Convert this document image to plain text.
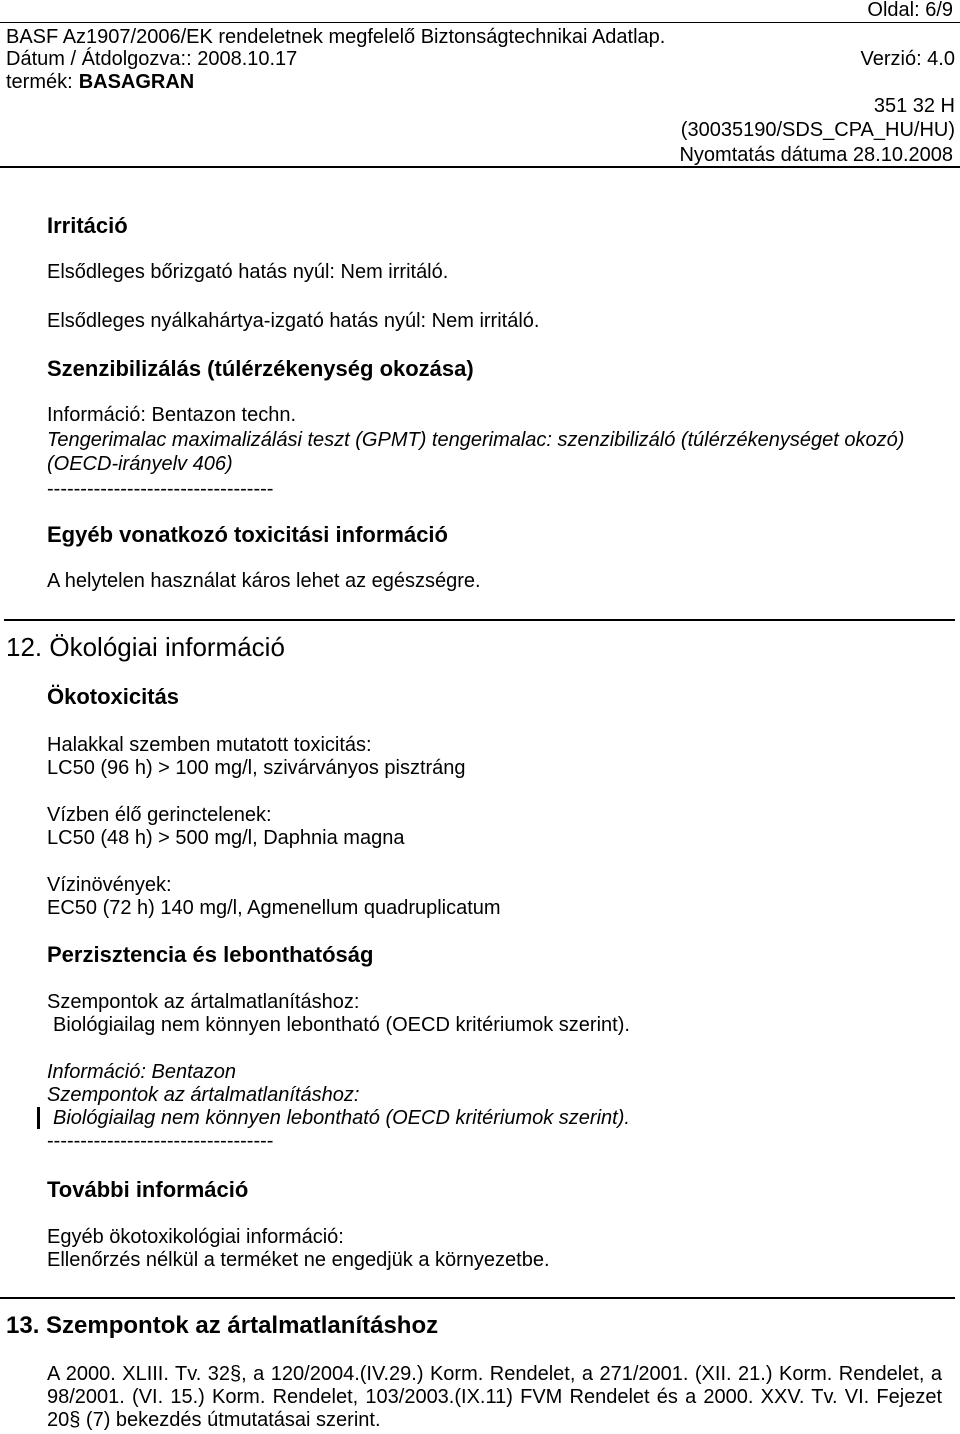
Oldal: 6/9
BASF Az1907/2006/EK rendeletnek megfelelő Biztonságtechnikai Adatlap.
Dátum / Átdolgozva:: 2008.10.17	Verzió: 4.0
termék: BASAGRAN
351 32 H
(30035190/SDS_CPA_HU/HU)
Nyomtatás dátuma 28.10.2008
Irritáció
Elsődleges bőrizgató hatás nyúl: Nem irritáló.
Elsődleges nyálkahártya-izgató hatás nyúl: Nem irritáló.
Szenzibilizálás (túlérzékenység okozása)
Információ: Bentazon techn.
Tengerimalac maximalizálási teszt (GPMT) tengerimalac: szenzibilizáló (túlérzékenységet okozó)
(OECD-irányelv 406)
----------------------------------
Egyéb vonatkozó toxicitási információ
A helytelen használat káros lehet az egészségre.
12. Ökológiai információ
Ökotoxicitás
Halakkal szemben mutatott toxicitás:
LC50 (96 h) > 100 mg/l, szivárványos pisztráng
Vízben élő gerinctelenek:
LC50 (48 h) > 500 mg/l, Daphnia magna
Vízinövények:
EC50 (72 h) 140 mg/l, Agmenellum quadruplicatum
Perzisztencia és lebonthatóság
Szempontok az ártalmatlanításhoz:
Biológiailag nem könnyen lebontható (OECD kritériumok szerint).
Információ: Bentazon
Szempontok az ártalmatlanításhoz:
Biológiailag nem könnyen lebontható (OECD kritériumok szerint).
----------------------------------
További információ
Egyéb ökotoxikológiai információ:
Ellenőrzés nélkül a terméket ne engedjük a környezetbe.
13. Szempontok az ártalmatlanításhoz
A 2000. XLIII. Tv. 32§, a 120/2004.(IV.29.) Korm. Rendelet, a 271/2001. (XII. 21.) Korm. Rendelet, a
98/2001. (VI. 15.) Korm. Rendelet, 103/2003.(IX.11) FVM Rendelet és a 2000. XXV. Tv. VI. Fejezet
20§ (7) bekezdés útmutatásai szerint.
